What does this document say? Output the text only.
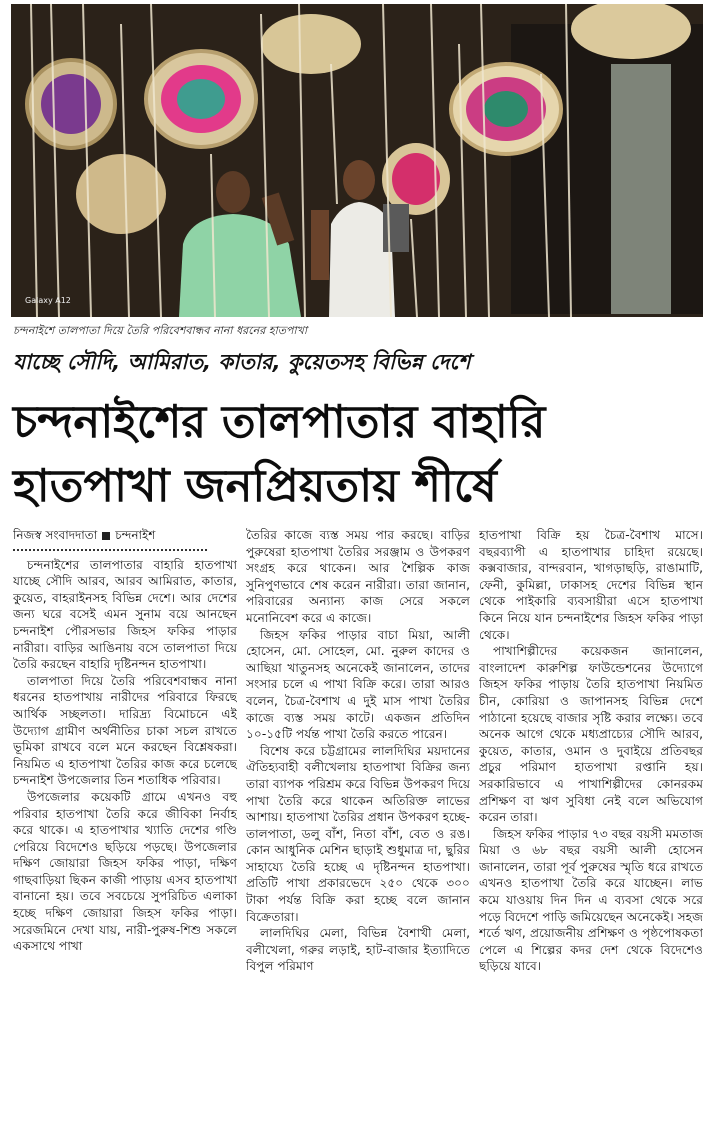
Galaxy A12
চন্দনাইশে তালপাতা দিয়ে তৈরি পরিবেশবান্ধব নানা ধরনের হাতপাখা
যাচ্ছে সৌদি, আমিরাত, কাতার, কুয়েতসহ বিভিন্ন দেশে
চন্দনাইশের তালপাতার বাহারি
হাতপাখা জনপ্রিয়তায় শীর্ষে
নিজস্ব সংবাদদাতা চন্দনাইশ

চন্দনাইশের তালপাতার বাহারি হাতপাখা যাচ্ছে সৌদি আরব, আরব আমিরাত, কাতার, কুয়েত, বাহরাইনসহ বিভিন্ন দেশে। আর দেশের জন্য ঘরে বসেই এমন সুনাম বয়ে আনছেন চন্দনাইশ পৌরসভার জিহস ফকির পাড়ার নারীরা। বাড়ির আঙিনায় বসে তালপাতা দিয়ে তৈরি করছেন বাহারি দৃষ্টিনন্দন হাতপাখা।

তালপাতা দিয়ে তৈরি পরিবেশবান্ধব নানা ধরনের হাতপাখায় নারীদের পরিবারে ফিরছে আর্থিক সচ্ছলতা। দারিদ্র্য বিমোচনে এই উদ্যোগ গ্রামীণ অর্থনীতির চাকা সচল রাখতে ভূমিকা রাখবে বলে মনে করছেন বিশ্লেষকরা। নিয়মিত এ হাতপাখা তৈরির কাজ করে চলেছে চন্দনাইশ উপজেলার তিন শতাধিক পরিবার।

উপজেলার কয়েকটি গ্রামে এখনও বহু পরিবার হাতপাখা তৈরি করে জীবিকা নির্বাহ করে থাকে। এ হাতপাখার খ্যাতি দেশের গণ্ডি পেরিয়ে বিদেশেও ছড়িয়ে পড়ছে। উপজেলার দক্ষিণ জোয়ারা জিহস ফকির পাড়া, দক্ষিণ গাছবাড়িয়া ছিকন কাজী পাড়ায় এসব হাতপাখা বানানো হয়। তবে সবচেয়ে সুপরিচিত এলাকা হচ্ছে দক্ষিণ জোয়ারা জিহস ফকির পাড়া। সরেজমিনে দেখা যায়, নারী-পুরুষ-শিশু সকলে একসাথে পাখা

তৈরির কাজে ব্যস্ত সময় পার করছে। বাড়ির পুরুষেরা হাতপাখা তৈরির সরঞ্জাম ও উপকরণ সংগ্রহ করে থাকেন। আর শৈল্পিক কাজ সুনিপুণভাবে শেষ করেন নারীরা। তারা জানান, পরিবারের অন্যান্য কাজ সেরে সকলে মনোনিবেশ করে এ কাজে।

জিহস ফকির পাড়ার বাচা মিয়া, আলী হোসেন, মো. সোহেল, মো. নুরুল কাদের ও আছিয়া খাতুনসহ অনেকেই জানালেন, তাদের সংসার চলে এ পাখা বিক্রি করে। তারা আরও বলেন, চৈত্র-বৈশাখ এ দুই মাস পাখা তৈরির কাজে ব্যস্ত সময় কাটে। একজন প্রতিদিন ১০-১৫টি পর্যন্ত পাখা তৈরি করতে পারেন।

বিশেষ করে চট্টগ্রামের লালদিঘির ময়দানের ঐতিহ্যবাহী বলীখেলায় হাতপাখা বিক্রির জন্য তারা ব্যাপক পরিশ্রম করে বিভিন্ন উপকরণ দিয়ে পাখা তৈরি করে থাকেন অতিরিক্ত লাভের আশায়। হাতপাখা তৈরির প্রধান উপকরণ হচ্ছে- তালপাতা, ডলু বাঁশ, নিতা বাঁশ, বেত ও রঙ। কোন আধুনিক মেশিন ছাড়াই শুধুমাত্র দা, ছুরির সাহায্যে তৈরি হচ্ছে এ দৃষ্টিনন্দন হাতপাখা। প্রতিটি পাখা প্রকারভেদে ২৫০ থেকে ৩০০ টাকা পর্যন্ত বিক্রি করা হচ্ছে বলে জানান বিক্রেতারা।

লালদিঘির মেলা, বিভিন্ন বৈশাখী মেলা, বলীখেলা, গরুর লড়াই, হাট-বাজার ইত্যাদিতে বিপুল পরিমাণ

হাতপাখা বিক্রি হয় চৈত্র-বৈশাখ মাসে। বছরব্যাপী এ হাতপাখার চাহিদা রয়েছে। কক্সবাজার, বান্দরবান, খাগড়াছড়ি, রাঙামাটি, ফেনী, কুমিল্লা, ঢাকাসহ দেশের বিভিন্ন স্থান থেকে পাইকারি ব্যবসায়ীরা এসে হাতপাখা কিনে নিয়ে যান চন্দনাইশের জিহস ফকির পাড়া থেকে।

পাখাশিল্পীদের কয়েকজন জানালেন, বাংলাদেশ কারুশিল্প ফাউন্ডেশনের উদ্যোগে জিহস ফকির পাড়ায় তৈরি হাতপাখা নিয়মিত চীন, কোরিয়া ও জাপানসহ বিভিন্ন দেশে পাঠানো হয়েছে বাজার সৃষ্টি করার লক্ষ্যে। তবে অনেক আগে থেকে মধ্যপ্রাচ্যের সৌদি আরব, কুয়েত, কাতার, ওমান ও দুবাইয়ে প্রতিবছর প্রচুর পরিমাণ হাতপাখা রপ্তানি হয়। সরকারিভাবে এ পাখাশিল্পীদের কোনরকম প্রশিক্ষণ বা ঋণ সুবিধা নেই বলে অভিযোগ করেন তারা।

জিহস ফকির পাড়ার ৭৩ বছর বয়সী মমতাজ মিয়া ও ৬৮ বছর বয়সী আলী হোসেন জানালেন, তারা পূর্ব পুরুষের স্মৃতি ধরে রাখতে এখনও হাতপাখা তৈরি করে যাচ্ছেন। লাভ কমে যাওয়ায় দিন দিন এ ব্যবসা থেকে সরে পড়ে বিদেশে পাড়ি জমিয়েছেন অনেকেই। সহজ শর্তে ঋণ, প্রয়োজনীয় প্রশিক্ষণ ও পৃষ্ঠপোষকতা পেলে এ শিল্পের কদর দেশ থেকে বিদেশেও ছড়িয়ে যাবে।
